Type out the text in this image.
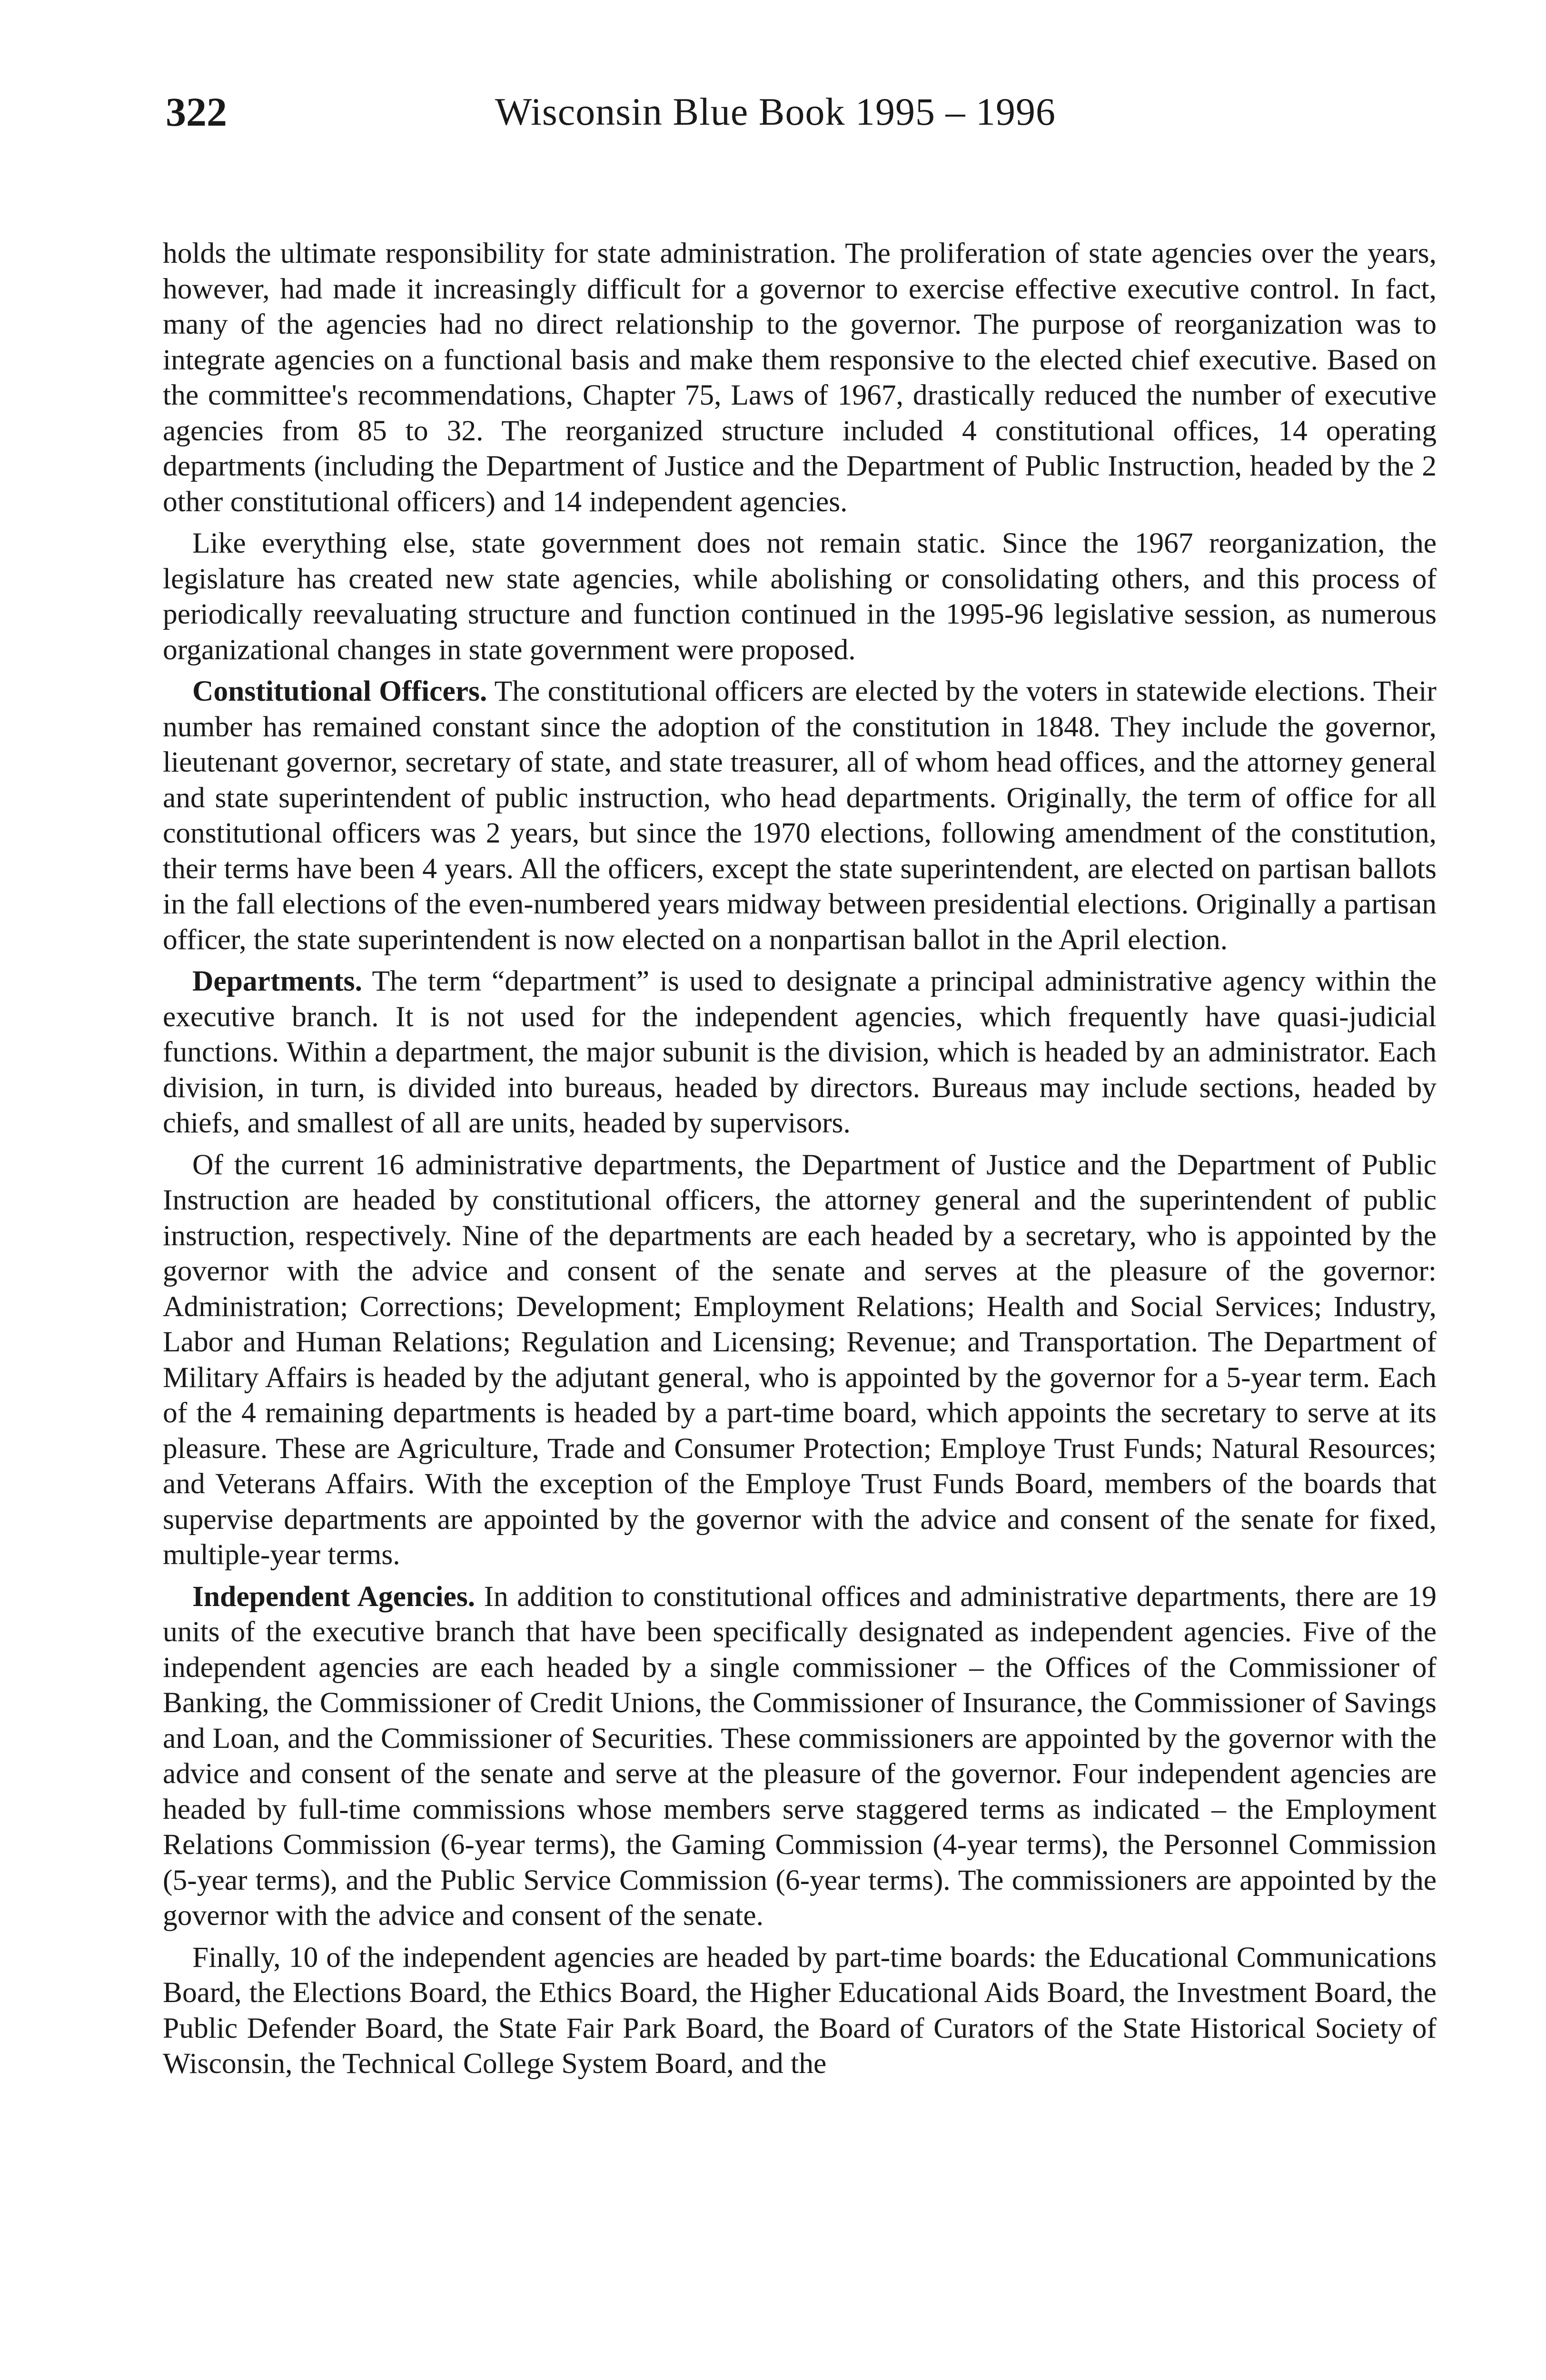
322	Wisconsin Blue Book 1995 – 1996

holds the ultimate responsibility for state administration. The proliferation of state agencies over the years, however, had made it increasingly difficult for a governor to exercise effective executive control. In fact, many of the agencies had no direct relationship to the governor. The purpose of reorganization was to integrate agencies on a functional basis and make them responsive to the elected chief executive. Based on the committee's recommendations, Chapter 75, Laws of 1967, drastically reduced the number of executive agencies from 85 to 32. The reorganized structure included 4 constitutional offices, 14 operating departments (including the Department of Justice and the Department of Public Instruction, headed by the 2 other constitutional officers) and 14 independent agencies.

Like everything else, state government does not remain static. Since the 1967 reorganization, the legislature has created new state agencies, while abolishing or consolidating others, and this process of periodically reevaluating structure and function continued in the 1995-96 legislative session, as numerous organizational changes in state government were proposed.

Constitutional Officers. The constitutional officers are elected by the voters in statewide elections. Their number has remained constant since the adoption of the constitution in 1848. They include the governor, lieutenant governor, secretary of state, and state treasurer, all of whom head offices, and the attorney general and state superintendent of public instruction, who head departments. Originally, the term of office for all constitutional officers was 2 years, but since the 1970 elections, following amendment of the constitution, their terms have been 4 years. All the officers, except the state superintendent, are elected on partisan ballots in the fall elections of the even-numbered years midway between presidential elections. Originally a partisan officer, the state superintendent is now elected on a nonpartisan ballot in the April election.

Departments. The term “department” is used to designate a principal administrative agency within the executive branch. It is not used for the independent agencies, which frequently have quasi-judicial functions. Within a department, the major subunit is the division, which is headed by an administrator. Each division, in turn, is divided into bureaus, headed by directors. Bureaus may include sections, headed by chiefs, and smallest of all are units, headed by supervisors.

Of the current 16 administrative departments, the Department of Justice and the Department of Public Instruction are headed by constitutional officers, the attorney general and the superintendent of public instruction, respectively. Nine of the departments are each headed by a secretary, who is appointed by the governor with the advice and consent of the senate and serves at the pleasure of the governor: Administration; Corrections; Development; Employment Relations; Health and Social Services; Industry, Labor and Human Relations; Regulation and Licensing; Revenue; and Transportation. The Department of Military Affairs is headed by the adjutant general, who is appointed by the governor for a 5-year term. Each of the 4 remaining departments is headed by a part-time board, which appoints the secretary to serve at its pleasure. These are Agriculture, Trade and Consumer Protection; Employe Trust Funds; Natural Resources; and Veterans Affairs. With the exception of the Employe Trust Funds Board, members of the boards that supervise departments are appointed by the governor with the advice and consent of the senate for fixed, multiple-year terms.

Independent Agencies. In addition to constitutional offices and administrative departments, there are 19 units of the executive branch that have been specifically designated as independent agencies. Five of the independent agencies are each headed by a single commissioner – the Offices of the Commissioner of Banking, the Commissioner of Credit Unions, the Commissioner of Insurance, the Commissioner of Savings and Loan, and the Commissioner of Securities. These commissioners are appointed by the governor with the advice and consent of the senate and serve at the pleasure of the governor. Four independent agencies are headed by full-time commissions whose members serve staggered terms as indicated – the Employment Relations Commission (6-year terms), the Gaming Commission (4-year terms), the Personnel Commission (5-year terms), and the Public Service Commission (6-year terms). The commissioners are appointed by the governor with the advice and consent of the senate.

Finally, 10 of the independent agencies are headed by part-time boards: the Educational Communications Board, the Elections Board, the Ethics Board, the Higher Educational Aids Board, the Investment Board, the Public Defender Board, the State Fair Park Board, the Board of Curators of the State Historical Society of Wisconsin, the Technical College System Board, and the
